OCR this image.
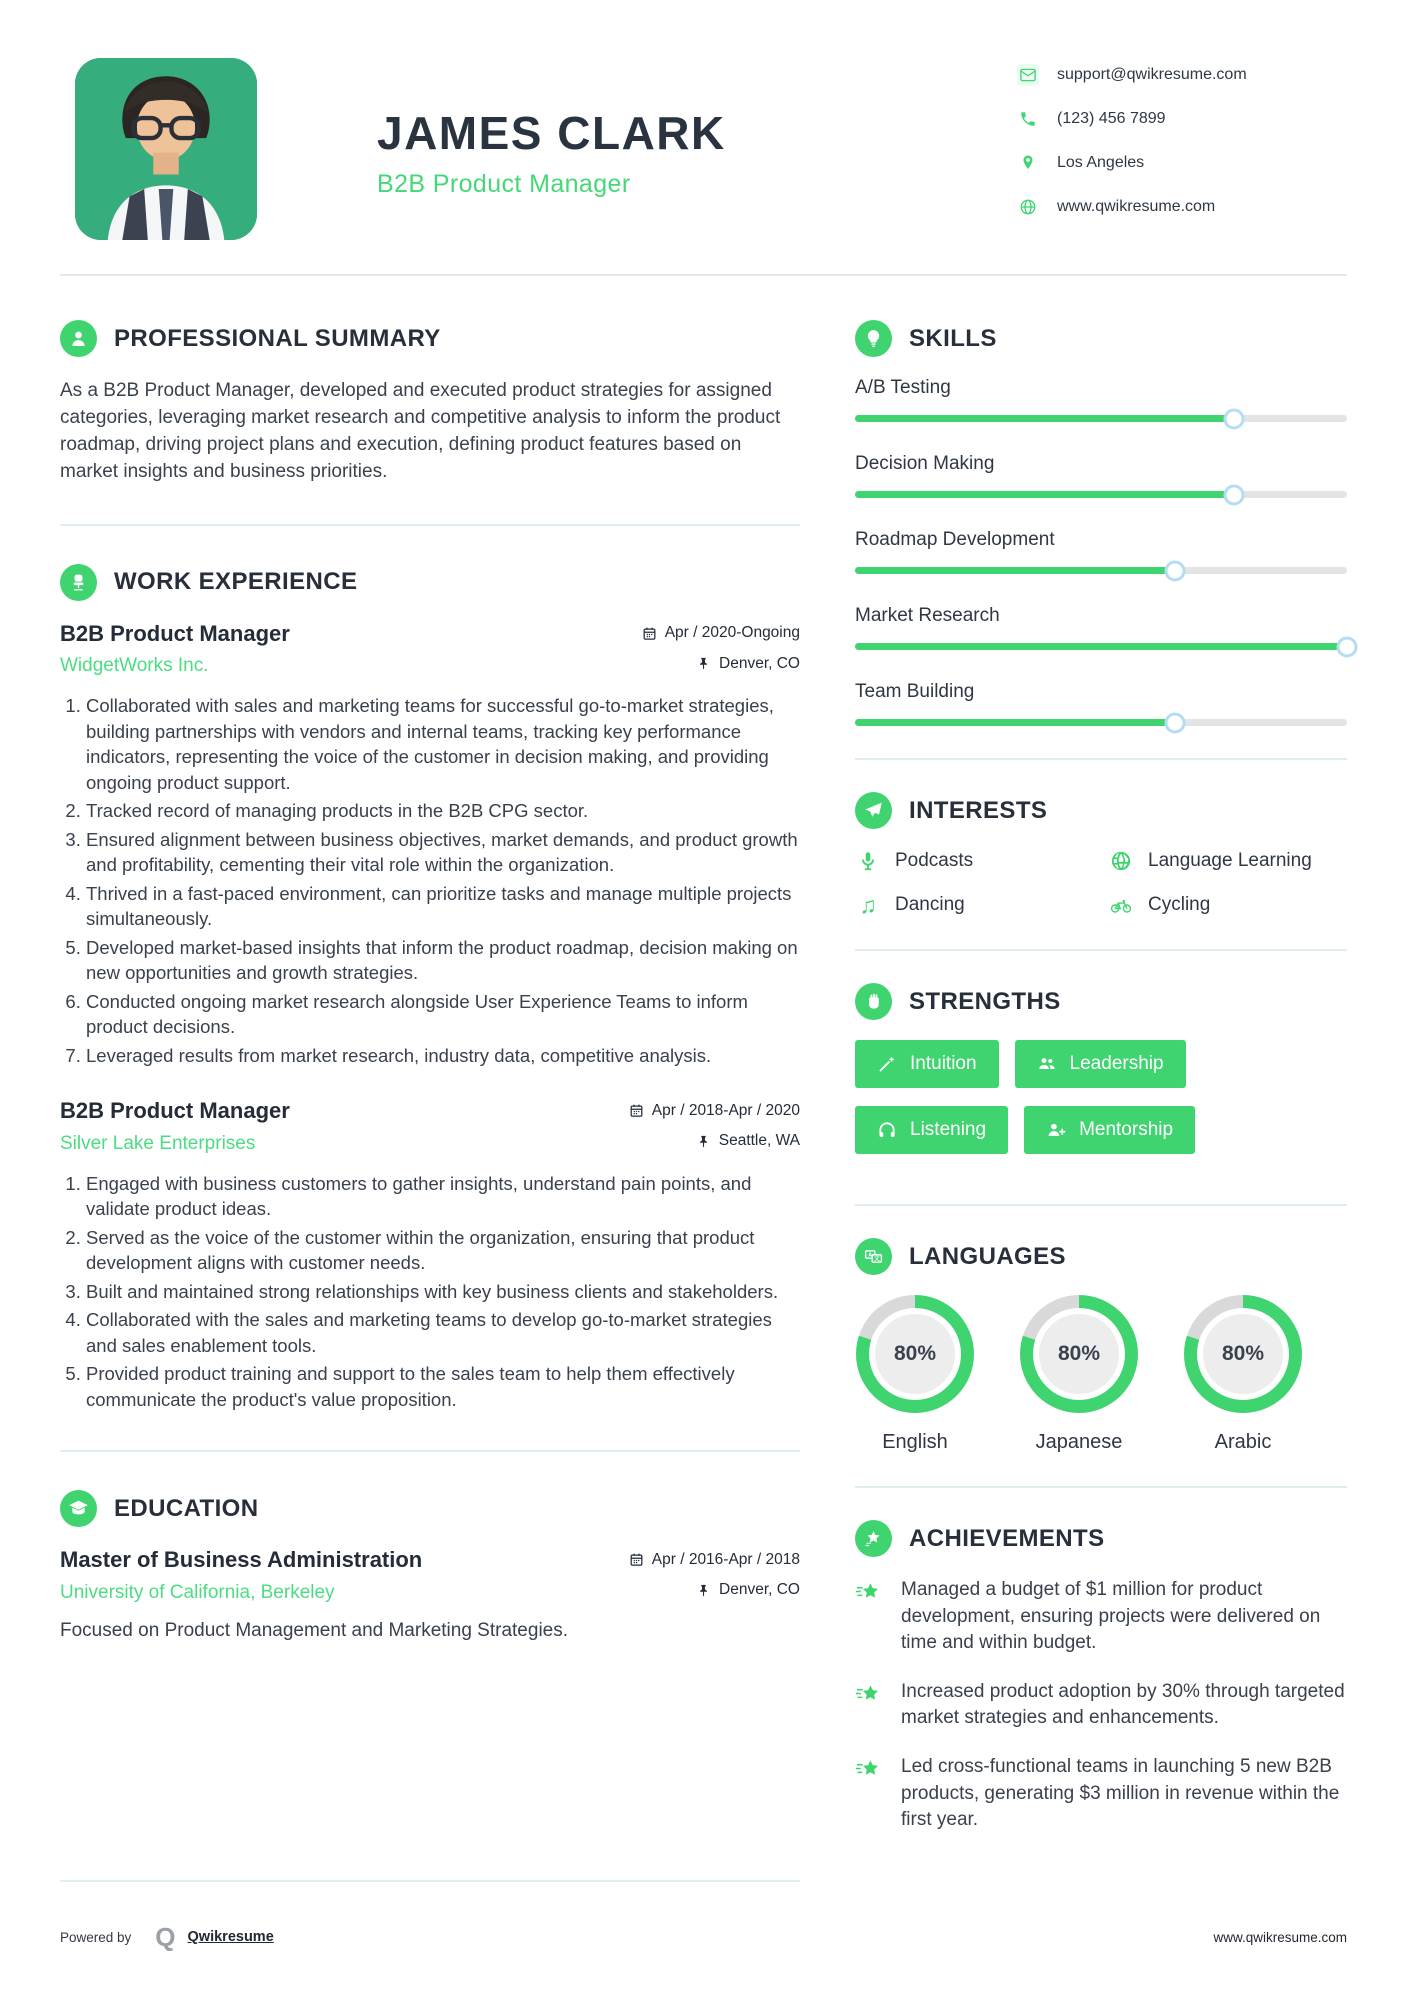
JAMES CLARK
B2B Product Manager
support@qwikresume.com
(123) 456 7899
Los Angeles
www.qwikresume.com
PROFESSIONAL SUMMARY

As a B2B Product Manager, developed and executed product strategies for assigned categories, leveraging market research and competitive analysis to inform the product roadmap, driving project plans and execution, defining product features based on market insights and business priorities.

WORK EXPERIENCE
B2B Product Manager	Apr / 2020-Ongoing
WidgetWorks Inc.	Denver, CO
1. Collaborated with sales and marketing teams for successful go-to-market strategies, building partnerships with vendors and internal teams, tracking key performance indicators, representing the voice of the customer in decision making, and providing ongoing product support.
2. Tracked record of managing products in the B2B CPG sector.
3. Ensured alignment between business objectives, market demands, and product growth and profitability, cementing their vital role within the organization.
4. Thrived in a fast-paced environment, can prioritize tasks and manage multiple projects simultaneously.
5. Developed market-based insights that inform the product roadmap, decision making on new opportunities and growth strategies.
6. Conducted ongoing market research alongside User Experience Teams to inform product decisions.
7. Leveraged results from market research, industry data, competitive analysis.
B2B Product Manager	Apr / 2018-Apr / 2020
Silver Lake Enterprises	Seattle, WA
1. Engaged with business customers to gather insights, understand pain points, and validate product ideas.
2. Served as the voice of the customer within the organization, ensuring that product development aligns with customer needs.
3. Built and maintained strong relationships with key business clients and stakeholders.
4. Collaborated with the sales and marketing teams to develop go-to-market strategies and sales enablement tools.
5. Provided product training and support to the sales team to help them effectively communicate the product's value proposition.
EDUCATION
Master of Business Administration	Apr / 2016-Apr / 2018
University of California, Berkeley	Denver, CO
Focused on Product Management and Marketing Strategies.
SKILLS
A/B Testing
Decision Making
Roadmap Development
Market Research
Team Building
INTERESTS
Podcasts	Language Learning
♫ Dancing	Cycling
STRENGTHS
Intuition	Leadership
Listening	Mentorship
A
文 LANGUAGES
80%
English
80%
Japanese
80%
Arabic
ACHIEVEMENTS
Managed a budget of $1 million for product development, ensuring projects were delivered on time and within budget.
Increased product adoption by 30% through targeted market strategies and enhancements.
Led cross-functional teams in launching 5 new B2B products, generating $3 million in revenue within the first year.
Powered by Q Qwikresume	www.qwikresume.com
